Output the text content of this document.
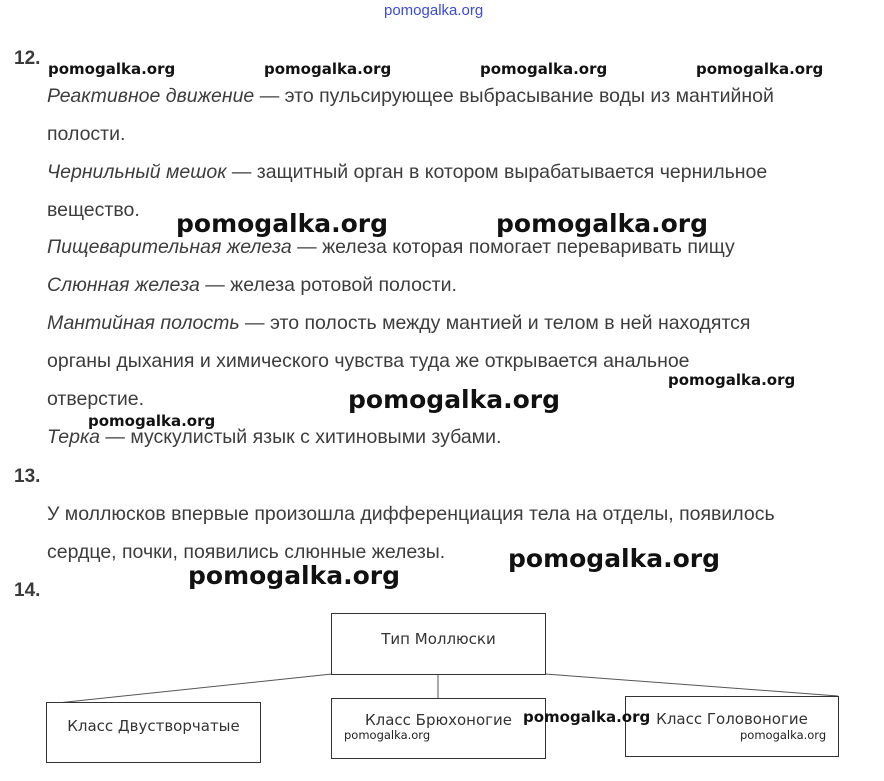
pomogalka.org
12. pomogalka.org	pomogalka.org	pomogalka.org	pomogalka.org
Реактивное движение — это пульсирующее выбрасывание воды из мантийной
полости.
Чернильный мешок — защитный орган в котором вырабатывается чернильное
вещество. pomogalka.org	pomogalka.org
Пищеварительная железа — железа которая помогает переваривать пищу
Слюнная железа — железа ротовой полости.
Мантийная полость — это полость между мантией и телом в ней находятся
органы дыхания и химического чувства туда же открывается анальное
pomogalka.org
отверстие.	pomogalka.org
pomogalka.org
Терка — мускулистый язык с хитиновыми зубами.
13.
У моллюсков впервые произошла дифференциация тела на отделы, появилось
сердце, почки, появились слюнные железы.	pomogalka.org
pomogalka.org
14.
Тип Моллюски
Класс Двустворчатые	Класс Брюхоногие	Класс Головоногие
pomogalka.org
pomogalka.org	pomogalka.org
